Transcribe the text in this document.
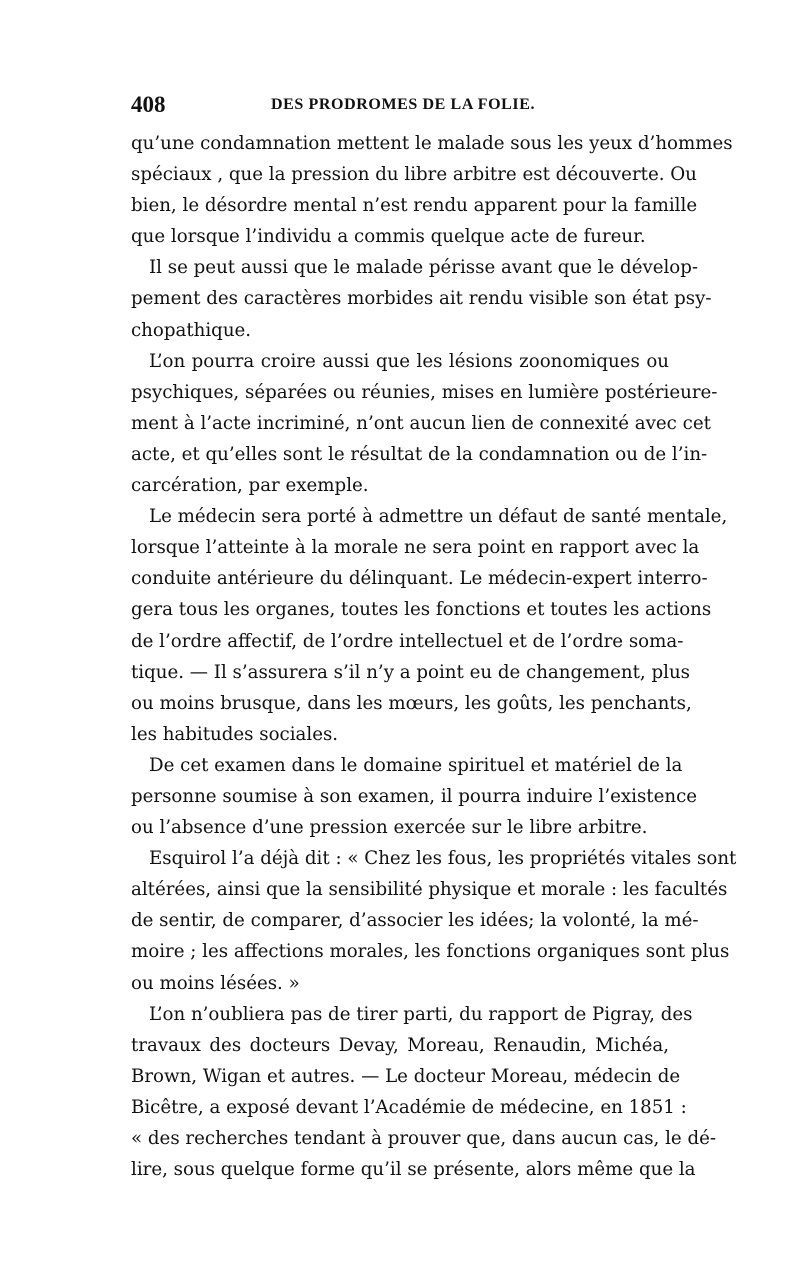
408	DES PRODROMES DE LA FOLIE.
qu’une condamnation mettent le malade sous les yeux d’hommes
spéciaux , que la pression du libre arbitre est découverte. Ou
bien, le désordre mental n’est rendu apparent pour la famille
que lorsque l’individu a commis quelque acte de fureur.
Il se peut aussi que le malade périsse avant que le dévelop-
pement des caractères morbides ait rendu visible son état psy-
chopathique.
L’on pourra croire aussi que les lésions zoonomiques ou
psychiques, séparées ou réunies, mises en lumière postérieure-
ment à l’acte incriminé, n’ont aucun lien de connexité avec cet
acte, et qu’elles sont le résultat de la condamnation ou de l’in-
carcération, par exemple.
Le médecin sera porté à admettre un défaut de santé mentale,
lorsque l’atteinte à la morale ne sera point en rapport avec la
conduite antérieure du délinquant. Le médecin-expert interro-
gera tous les organes, toutes les fonctions et toutes les actions
de l’ordre affectif, de l’ordre intellectuel et de l’ordre soma-
tique. — Il s’assurera s’il n’y a point eu de changement, plus
ou moins brusque, dans les mœurs, les goûts, les penchants,
les habitudes sociales.
De cet examen dans le domaine spirituel et matériel de la
personne soumise à son examen, il pourra induire l’existence
ou l’absence d’une pression exercée sur le libre arbitre.
Esquirol l’a déjà dit : « Chez les fous, les propriétés vitales sont
altérées, ainsi que la sensibilité physique et morale : les facultés
de sentir, de comparer, d’associer les idées; la volonté, la mé-
moire ; les affections morales, les fonctions organiques sont plus
ou moins lésées. »
L’on n’oubliera pas de tirer parti, du rapport de Pigray, des
travaux des docteurs Devay, Moreau, Renaudin, Michéa,
Brown, Wigan et autres. — Le docteur Moreau, médecin de
Bicêtre, a exposé devant l’Académie de médecine, en 1851 :
« des recherches tendant à prouver que, dans aucun cas, le dé-
lire, sous quelque forme qu’il se présente, alors même que la
